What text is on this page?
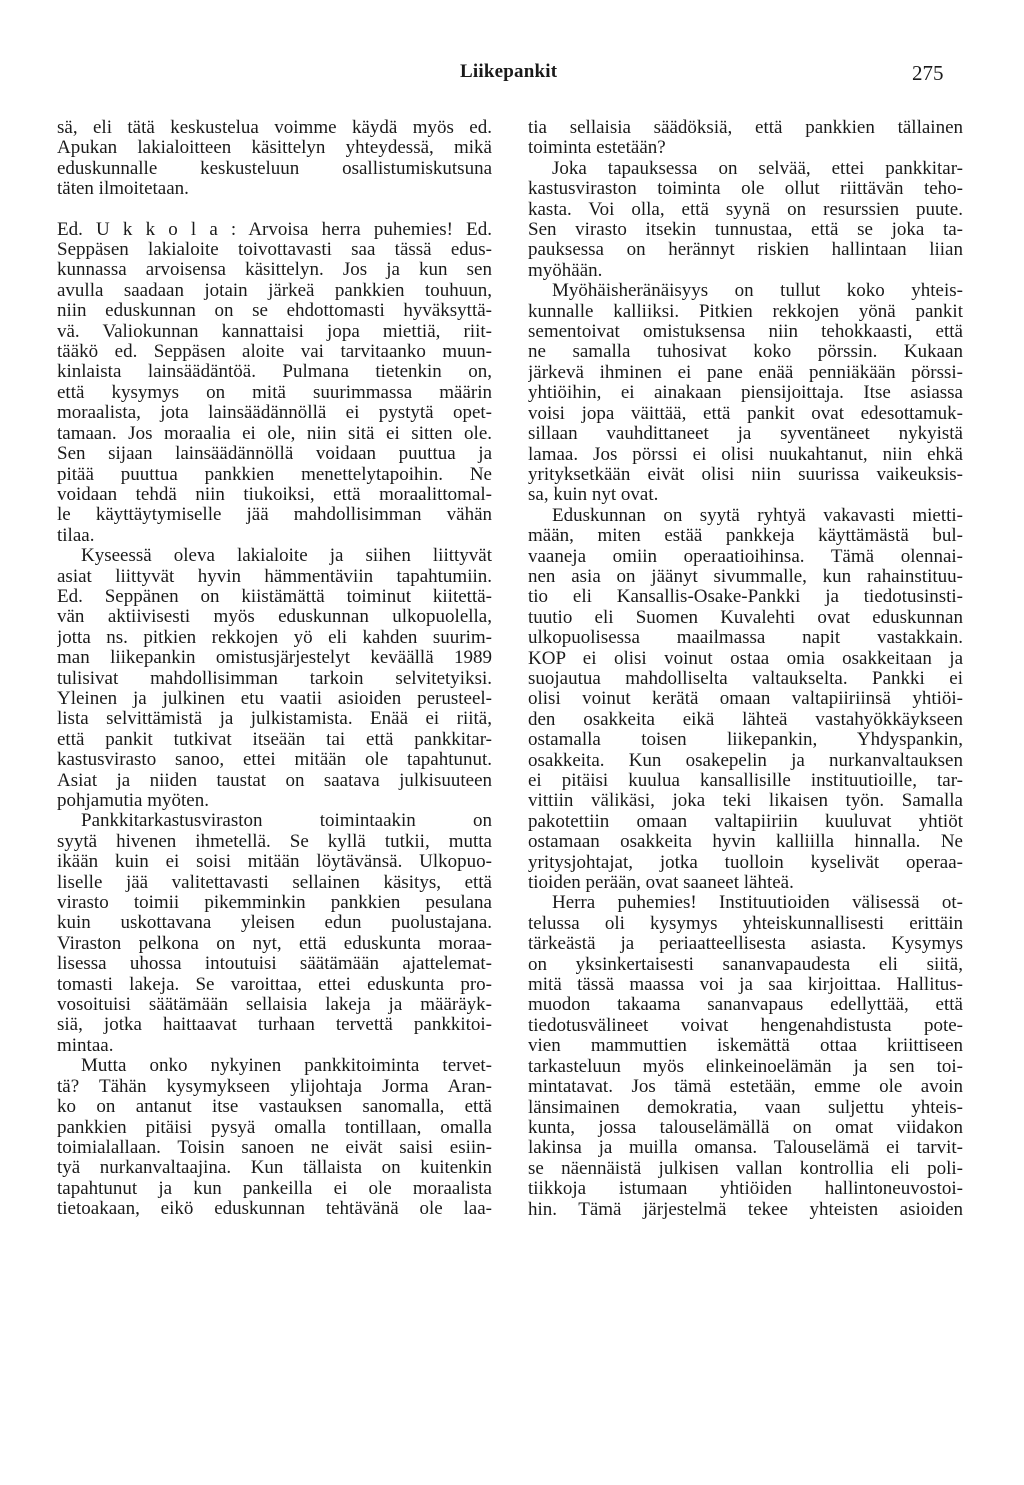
Liikepankit	275
sä, eli tätä keskustelua voimme käydä myös ed.
Apukan lakialoitteen käsittelyn yhteydessä, mikä
eduskunnalle keskusteluun osallistumiskutsuna
täten ilmoitetaan.
Ed. U k k o l a : Arvoisa herra puhemies! Ed.
Seppäsen lakialoite toivottavasti saa tässä edus-
kunnassa arvoisensa käsittelyn. Jos ja kun sen
avulla saadaan jotain järkeä pankkien touhuun,
niin eduskunnan on se ehdottomasti hyväksyttä-
vä. Valiokunnan kannattaisi jopa miettiä, riit-
tääkö ed. Seppäsen aloite vai tarvitaanko muun-
kinlaista lainsäädäntöä. Pulmana tietenkin on,
että kysymys on mitä suurimmassa määrin
moraalista, jota lainsäädännöllä ei pystytä opet-
tamaan. Jos moraalia ei ole, niin sitä ei sitten ole.
Sen sijaan lainsäädännöllä voidaan puuttua ja
pitää puuttua pankkien menettelytapoihin. Ne
voidaan tehdä niin tiukoiksi, että moraalittomal-
le käyttäytymiselle jää mahdollisimman vähän
tilaa.
Kyseessä oleva lakialoite ja siihen liittyvät
asiat liittyvät hyvin hämmentäviin tapahtumiin.
Ed. Seppänen on kiistämättä toiminut kiitettä-
vän aktiivisesti myös eduskunnan ulkopuolella,
jotta ns. pitkien rekkojen yö eli kahden suurim-
man liikepankin omistusjärjestelyt keväällä 1989
tulisivat mahdollisimman tarkoin selvitetyiksi.
Yleinen ja julkinen etu vaatii asioiden perusteel-
lista selvittämistä ja julkistamista. Enää ei riitä,
että pankit tutkivat itseään tai että pankkitar-
kastusvirasto sanoo, ettei mitään ole tapahtunut.
Asiat ja niiden taustat on saatava julkisuuteen
pohjamutia myöten.
Pankkitarkastusviraston toimintaakin on
syytä hivenen ihmetellä. Se kyllä tutkii, mutta
ikään kuin ei soisi mitään löytävänsä. Ulkopuo-
liselle jää valitettavasti sellainen käsitys, että
virasto toimii pikemminkin pankkien pesulana
kuin uskottavana yleisen edun puolustajana.
Viraston pelkona on nyt, että eduskunta moraa-
lisessa uhossa intoutuisi säätämään ajattelemat-
tomasti lakeja. Se varoittaa, ettei eduskunta pro-
vosoituisi säätämään sellaisia lakeja ja määräyk-
siä, jotka haittaavat turhaan tervettä pankkitoi-
mintaa.
Mutta onko nykyinen pankkitoiminta tervet-
tä? Tähän kysymykseen ylijohtaja Jorma Aran-
ko on antanut itse vastauksen sanomalla, että
pankkien pitäisi pysyä omalla tontillaan, omalla
toimialallaan. Toisin sanoen ne eivät saisi esiin-
tyä nurkanvaltaajina. Kun tällaista on kuitenkin
tapahtunut ja kun pankeilla ei ole moraalista
tietoakaan, eikö eduskunnan tehtävänä ole laa-
tia sellaisia säädöksiä, että pankkien tällainen
toiminta estetään?
Joka tapauksessa on selvää, ettei pankkitar-
kastusviraston toiminta ole ollut riittävän teho-
kasta. Voi olla, että syynä on resurssien puute.
Sen virasto itsekin tunnustaa, että se joka ta-
pauksessa on herännyt riskien hallintaan liian
myöhään.
Myöhäisheränäisyys on tullut koko yhteis-
kunnalle kalliiksi. Pitkien rekkojen yönä pankit
sementoivat omistuksensa niin tehokkaasti, että
ne samalla tuhosivat koko pörssin. Kukaan
järkevä ihminen ei pane enää penniäkään pörssi-
yhtiöihin, ei ainakaan piensijoittaja. Itse asiassa
voisi jopa väittää, että pankit ovat edesottamuk-
sillaan vauhdittaneet ja syventäneet nykyistä
lamaa. Jos pörssi ei olisi nuukahtanut, niin ehkä
yrityksetkään eivät olisi niin suurissa vaikeuksis-
sa, kuin nyt ovat.
Eduskunnan on syytä ryhtyä vakavasti mietti-
mään, miten estää pankkeja käyttämästä bul-
vaaneja omiin operaatioihinsa. Tämä olennai-
nen asia on jäänyt sivummalle, kun rahainstituu-
tio eli Kansallis-Osake-Pankki ja tiedotusinsti-
tuutio eli Suomen Kuvalehti ovat eduskunnan
ulkopuolisessa maailmassa napit vastakkain.
KOP ei olisi voinut ostaa omia osakkeitaan ja
suojautua mahdolliselta valtaukselta. Pankki ei
olisi voinut kerätä omaan valtapiiriinsä yhtiöi-
den osakkeita eikä lähteä vastahyökkäykseen
ostamalla toisen liikepankin, Yhdyspankin,
osakkeita. Kun osakepelin ja nurkanvaltauksen
ei pitäisi kuulua kansallisille instituutioille, tar-
vittiin välikäsi, joka teki likaisen työn. Samalla
pakotettiin omaan valtapiiriin kuuluvat yhtiöt
ostamaan osakkeita hyvin kalliilla hinnalla. Ne
yritysjohtajat, jotka tuolloin kyselivät operaa-
tioiden perään, ovat saaneet lähteä.
Herra puhemies! Instituutioiden välisessä ot-
telussa oli kysymys yhteiskunnallisesti erittäin
tärkeästä ja periaatteellisesta asiasta. Kysymys
on yksinkertaisesti sananvapaudesta eli siitä,
mitä tässä maassa voi ja saa kirjoittaa. Hallitus-
muodon takaama sananvapaus edellyttää, että
tiedotusvälineet voivat hengenahdistusta pote-
vien mammuttien iskemättä ottaa kriittiseen
tarkasteluun myös elinkeinoelämän ja sen toi-
mintatavat. Jos tämä estetään, emme ole avoin
länsimainen demokratia, vaan suljettu yhteis-
kunta, jossa talouselämällä on omat viidakon
lakinsa ja muilla omansa. Talouselämä ei tarvit-
se näennäistä julkisen vallan kontrollia eli poli-
tiikkoja istumaan yhtiöiden hallintoneuvostoi-
hin. Tämä järjestelmä tekee yhteisten asioiden
